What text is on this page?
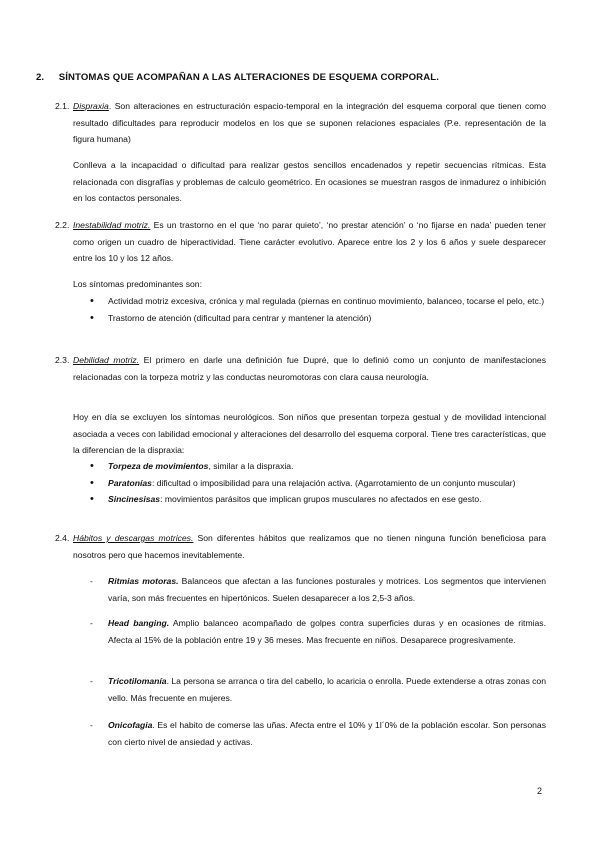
2. SÍNTOMAS QUE ACOMPAÑAN A LAS ALTERACIONES DE ESQUEMA CORPORAL.
2.1. Dispraxia. Son alteraciones en estructuración espacio-temporal en la integración del esquema corporal que tienen como resultado dificultades para reproducir modelos en los que se suponen relaciones espaciales (P.e. representación de la figura humana)
Conlleva a la incapacidad o dificultad para realizar gestos sencillos encadenados y repetir secuencias rítmicas. Esta relacionada con disgrafías y problemas de calculo geométrico. En ocasiones se muestran rasgos de inmadurez o inhibición en los contactos personales.
2.2. Inestabilidad motriz. Es un trastorno en el que ‘no parar quieto’, ‘no prestar atención’ o ‘no fijarse en nada’ pueden tener como origen un cuadro de hiperactividad. Tiene carácter evolutivo. Aparece entre los 2 y los 6 años y suele desparecer entre los 10 y los 12 años.
Los síntomas predominantes son:
• Actividad motriz excesiva, crónica y mal regulada (piernas en continuo movimiento, balanceo, tocarse el pelo, etc.)
• Trastorno de atención (dificultad para centrar y mantener la atención)
2.3. Debilidad motriz. El primero en darle una definición fue Dupré, que lo definió como un conjunto de manifestaciones relacionadas con la torpeza motriz y las conductas neuromotoras con clara causa neurología.
Hoy en día se excluyen los síntomas neurológicos. Son niños que presentan torpeza gestual y de movilidad intencional asociada a veces con labilidad emocional y alteraciones del desarrollo del esquema corporal. Tiene tres características, que la diferencian de la dispraxia:
• Torpeza de movimientos, similar a la dispraxia.
• Paratonías: dificultad o imposibilidad para una relajación activa. (Agarrotamiento de un conjunto muscular)
• Sincinesisas: movimientos parásitos que implican grupos musculares no afectados en ese gesto.
2.4. Hábitos y descargas motrices. Son diferentes hábitos que realizamos que no tienen ninguna función beneficiosa para nosotros pero que hacemos inevitablemente.
- Ritmias motoras. Balanceos que afectan a las funciones posturales y motrices. Los segmentos que intervienen varía, son más frecuentes en hipertónicos. Suelen desaparecer a los 2,5-3 años.
- Head banging. Amplio balanceo acompañado de golpes contra superficies duras y en ocasiones de ritmias. Afecta al 15% de la población entre 19 y 36 meses. Mas frecuente en niños. Desaparece progresivamente.
- Tricotilomanía. La persona se arranca o tira del cabello, lo acaricia o enrolla. Puede extenderse a otras zonas con vello. Más frecuente en mujeres.
- Onicofagia. Es el habito de comerse las uñas. Afecta entre el 10% y 1l´0% de la población escolar. Son personas con cierto nivel de ansiedad y activas.
2
